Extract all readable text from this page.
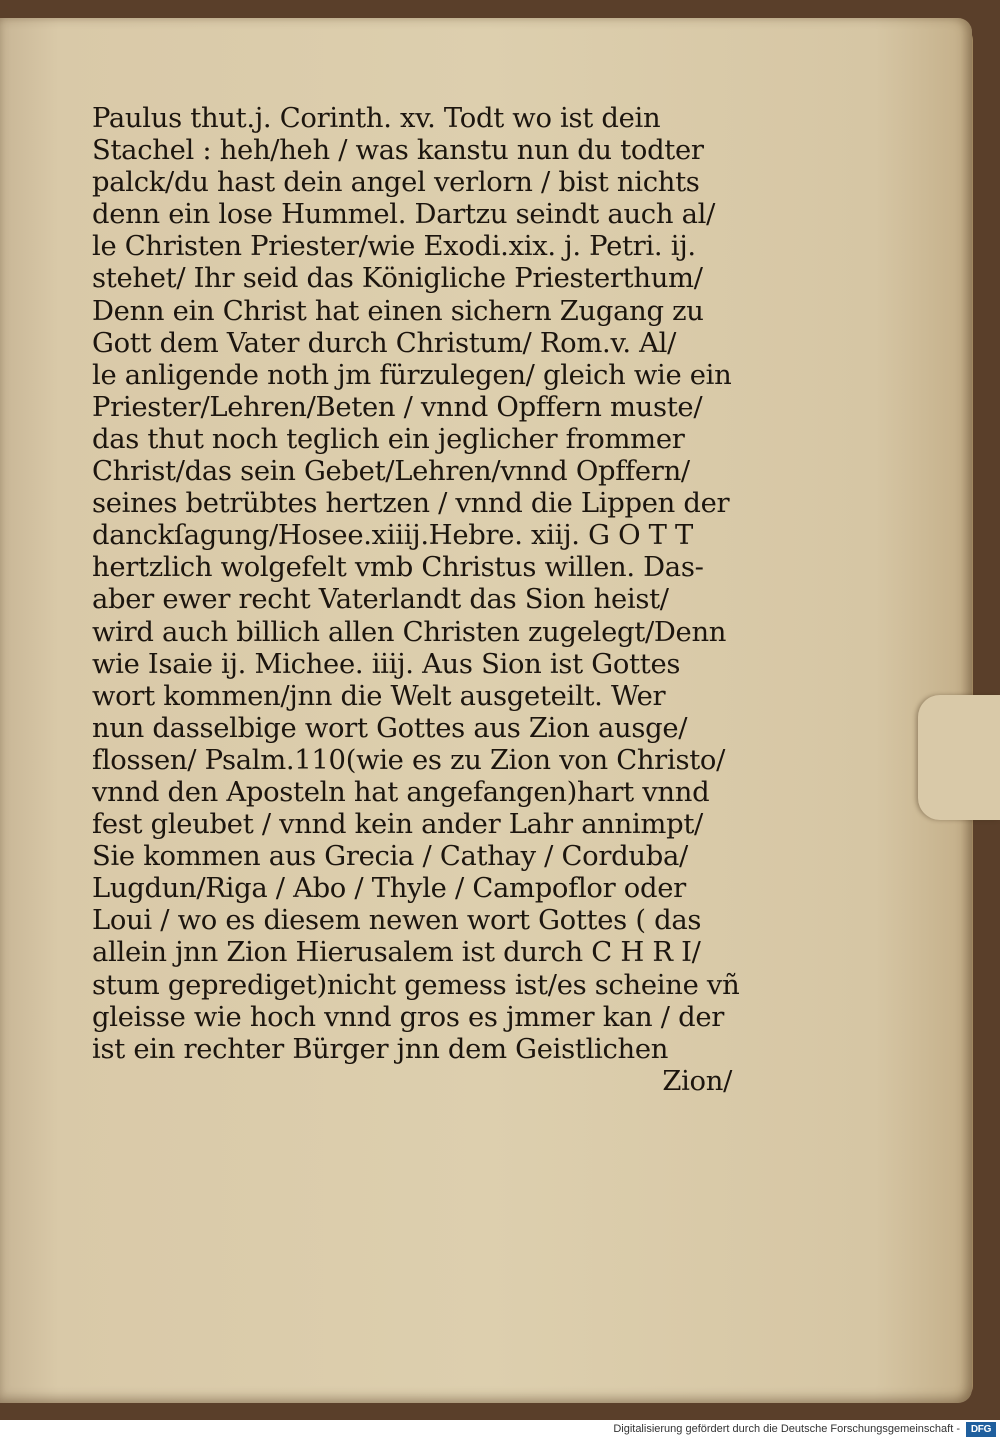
Paulus thut.j. Corinth. xv. Todt wo ist dein
Stachel : heh/heh / was kanstu nun du todter
palck/du hast dein angel verlorn / bist nichts
denn ein lose Hummel. Dartzu seindt auch al/
le Christen Priester/wie Exodi.xix. j. Petri. ij.
stehet/ Ihr seid das Königliche Priesterthum/
Denn ein Christ hat einen sichern Zugang zu
Gott dem Vater durch Christum/ Rom.v. Al/
le anligende noth jm fürzulegen/ gleich wie ein
Priester/Lehren/Beten / vnnd Opffern muste/
das thut noch teglich ein jeglicher frommer
Christ/das sein Gebet/Lehren/vnnd Opffern/
seines betrübtes hertzen / vnnd die Lippen der
danckſagung/Hosee.xiiij.Hebre. xiij. G O T T
hertzlich wolgefelt vmb Christus willen. Das-
aber ewer recht Vaterlandt das Sion heist/
wird auch billich allen Christen zugelegt/Denn
wie Isaie ij. Michee. iiij. Aus Sion ist Gottes
wort kommen/jnn die Welt ausgeteilt. Wer
nun dasselbige wort Gottes aus Zion ausge/
flossen/ Psalm.110(wie es zu Zion von Christo/
vnnd den Aposteln hat angefangen)hart vnnd
fest gleubet / vnnd kein ander Lahr annimpt/
Sie kommen aus Grecia / Cathay / Corduba/
Lugdun/Riga / Abo / Thyle / Campoflor oder
Loui / wo es diesem newen wort Gottes ( das
allein jnn Zion Hierusalem ist durch C H R I/
stum geprediget)nicht gemess ist/es scheine vñ
gleisse wie hoch vnnd gros es jmmer kan / der
ist ein rechter Bürger jnn dem Geistlichen
Zion/
Digitalisierung gefördert durch die Deutsche Forschungsgemeinschaft -	DFG
